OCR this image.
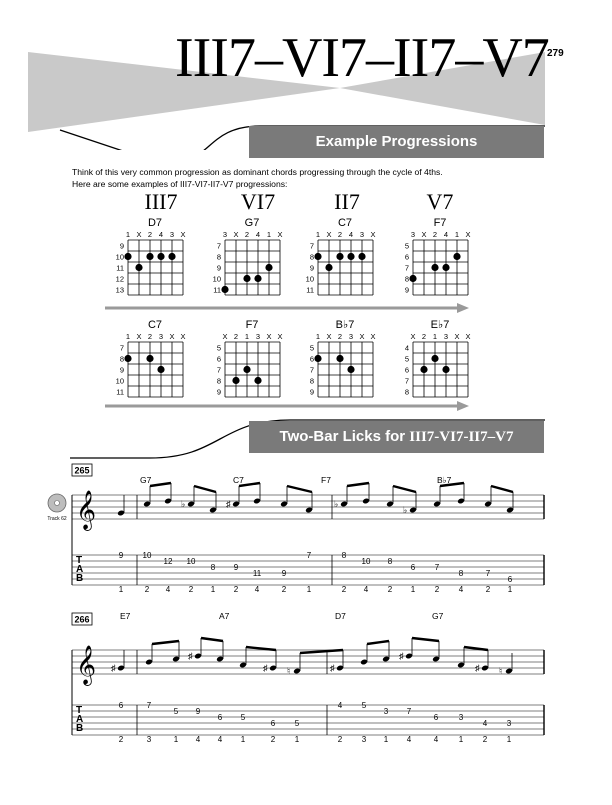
III7–VI7–II7–V7
279
Example Progressions
Think of this very common progression as dominant chords progressing through the cycle of 4ths.
Here are some examples of III7-VI7-II7-V7 progressions:
III7	VI7	II7	V7
D7
1 X 2 4 3 X
9
10
11
12
13
G7
3 X 2 4 1 X
7
8
9
10
11
C7
1 X 2 4 3 X
7
8
9
10
11
F7
3 X 2 4 1 X
5
6
7
8
9
C7
1 X 2 3 X X
7
8
9
10
11
F7
X 2 1 3 X X
5
6
7
8
9
B♭7
1 X 2 3 X X
5
6
7
8
9
E♭7
X 2 1 3 X X
4
5
6
7
8
Two-Bar Licks for III7-VI7-II7–V7
265
Track 62 𝄞
T
A
B
G7	C7	F7	B♭7
9
1
10
2
12
4
♭
10
2
8
1
♯
9
2
11
4
9
2
7
1
♭
8
2
10
4
8
2
♭
6
1
7
2
8
4
7
2
6
1
266
𝄞
T
A
B
E7	A7	D7	G7
♯
6
2
7
3
5
1
♯
9
4
6
4
5
1
♯
6
2
♮
5
1
♯
4
2
5
3
3
1
♯
7
4
6
4
3
1
♯
4
2
♮
3
1
